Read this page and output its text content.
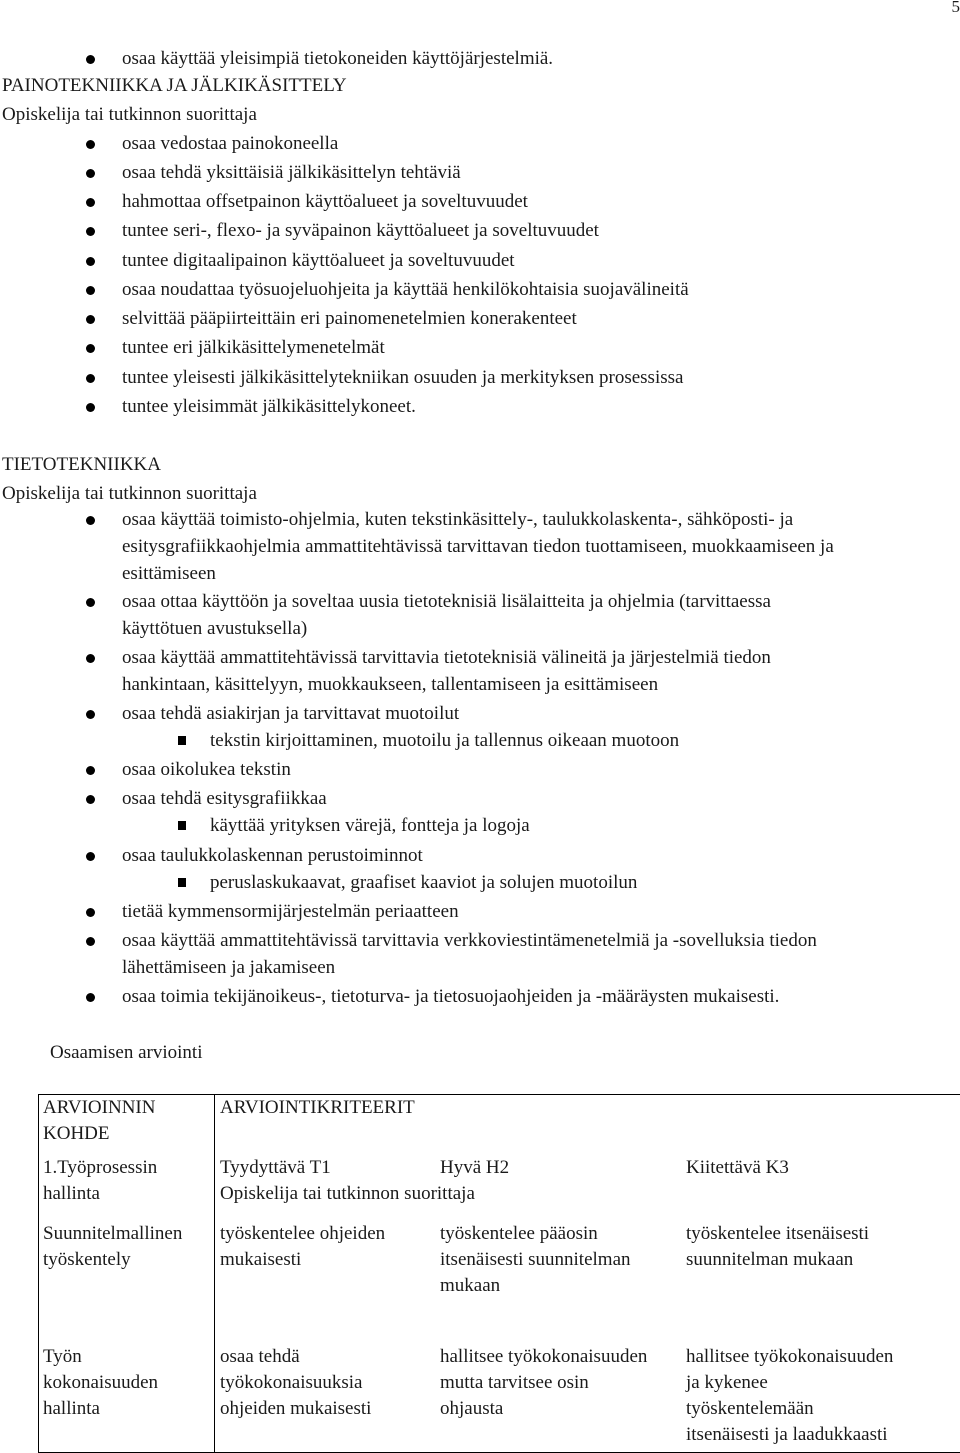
5
osaa käyttää yleisimpiä tietokoneiden käyttöjärjestelmiä.
PAINOTEKNIIKKA JA JÄLKIKÄSITTELY
Opiskelija tai tutkinnon suorittaja
osaa vedostaa painokoneella
osaa tehdä yksittäisiä jälkikäsittelyn tehtäviä
hahmottaa offsetpainon käyttöalueet ja soveltuvuudet
tuntee seri-, flexo- ja syväpainon käyttöalueet ja soveltuvuudet
tuntee digitaalipainon käyttöalueet ja soveltuvuudet
osaa noudattaa työsuojeluohjeita ja käyttää henkilökohtaisia suojavälineitä
selvittää pääpiirteittäin eri painomenetelmien konerakenteet
tuntee eri jälkikäsittelymenetelmät
tuntee yleisesti jälkikäsittelytekniikan osuuden ja merkityksen prosessissa
tuntee yleisimmät jälkikäsittelykoneet.
TIETOTEKNIIKKA
Opiskelija tai tutkinnon suorittaja
osaa käyttää toimisto-ohjelmia, kuten tekstinkäsittely-, taulukkolaskenta-, sähköposti- ja
esitysgrafiikkaohjelmia ammattitehtävissä tarvittavan tiedon tuottamiseen, muokkaamiseen ja
esittämiseen
osaa ottaa käyttöön ja soveltaa uusia tietoteknisiä lisälaitteita ja ohjelmia (tarvittaessa
käyttötuen avustuksella)
osaa käyttää ammattitehtävissä tarvittavia tietoteknisiä välineitä ja järjestelmiä tiedon
hankintaan, käsittelyyn, muokkaukseen, tallentamiseen ja esittämiseen
osaa tehdä asiakirjan ja tarvittavat muotoilut
tekstin kirjoittaminen, muotoilu ja tallennus oikeaan muotoon
osaa oikolukea tekstin
osaa tehdä esitysgrafiikkaa
käyttää yrityksen värejä, fontteja ja logoja
osaa taulukkolaskennan perustoiminnot
peruslaskukaavat, graafiset kaaviot ja solujen muotoilun
tietää kymmensormijärjestelmän periaatteen
osaa käyttää ammattitehtävissä tarvittavia verkkoviestintämenetelmiä ja -sovelluksia tiedon
lähettämiseen ja jakamiseen
osaa toimia tekijänoikeus-, tietoturva- ja tietosuojaohjeiden ja -määräysten mukaisesti.
Osaamisen arviointi
ARVIOINNIN
KOHDE
ARVIOINTIKRITEERIT
1.Työprosessin
hallinta
Tyydyttävä T1	Hyvä H2	Kiitettävä K3
Opiskelija tai tutkinnon suorittaja
Suunnitelmallinen
työskentely
työskentelee ohjeiden
mukaisesti
työskentelee pääosin
itsenäisesti suunnitelman
mukaan
työskentelee itsenäisesti
suunnitelman mukaan
Työn
kokonaisuuden
hallinta
osaa tehdä
työkokonaisuuksia
ohjeiden mukaisesti
hallitsee työkokonaisuuden
mutta tarvitsee osin
ohjausta
hallitsee työkokonaisuuden
ja kykenee
työskentelemään
itsenäisesti ja laadukkaasti
